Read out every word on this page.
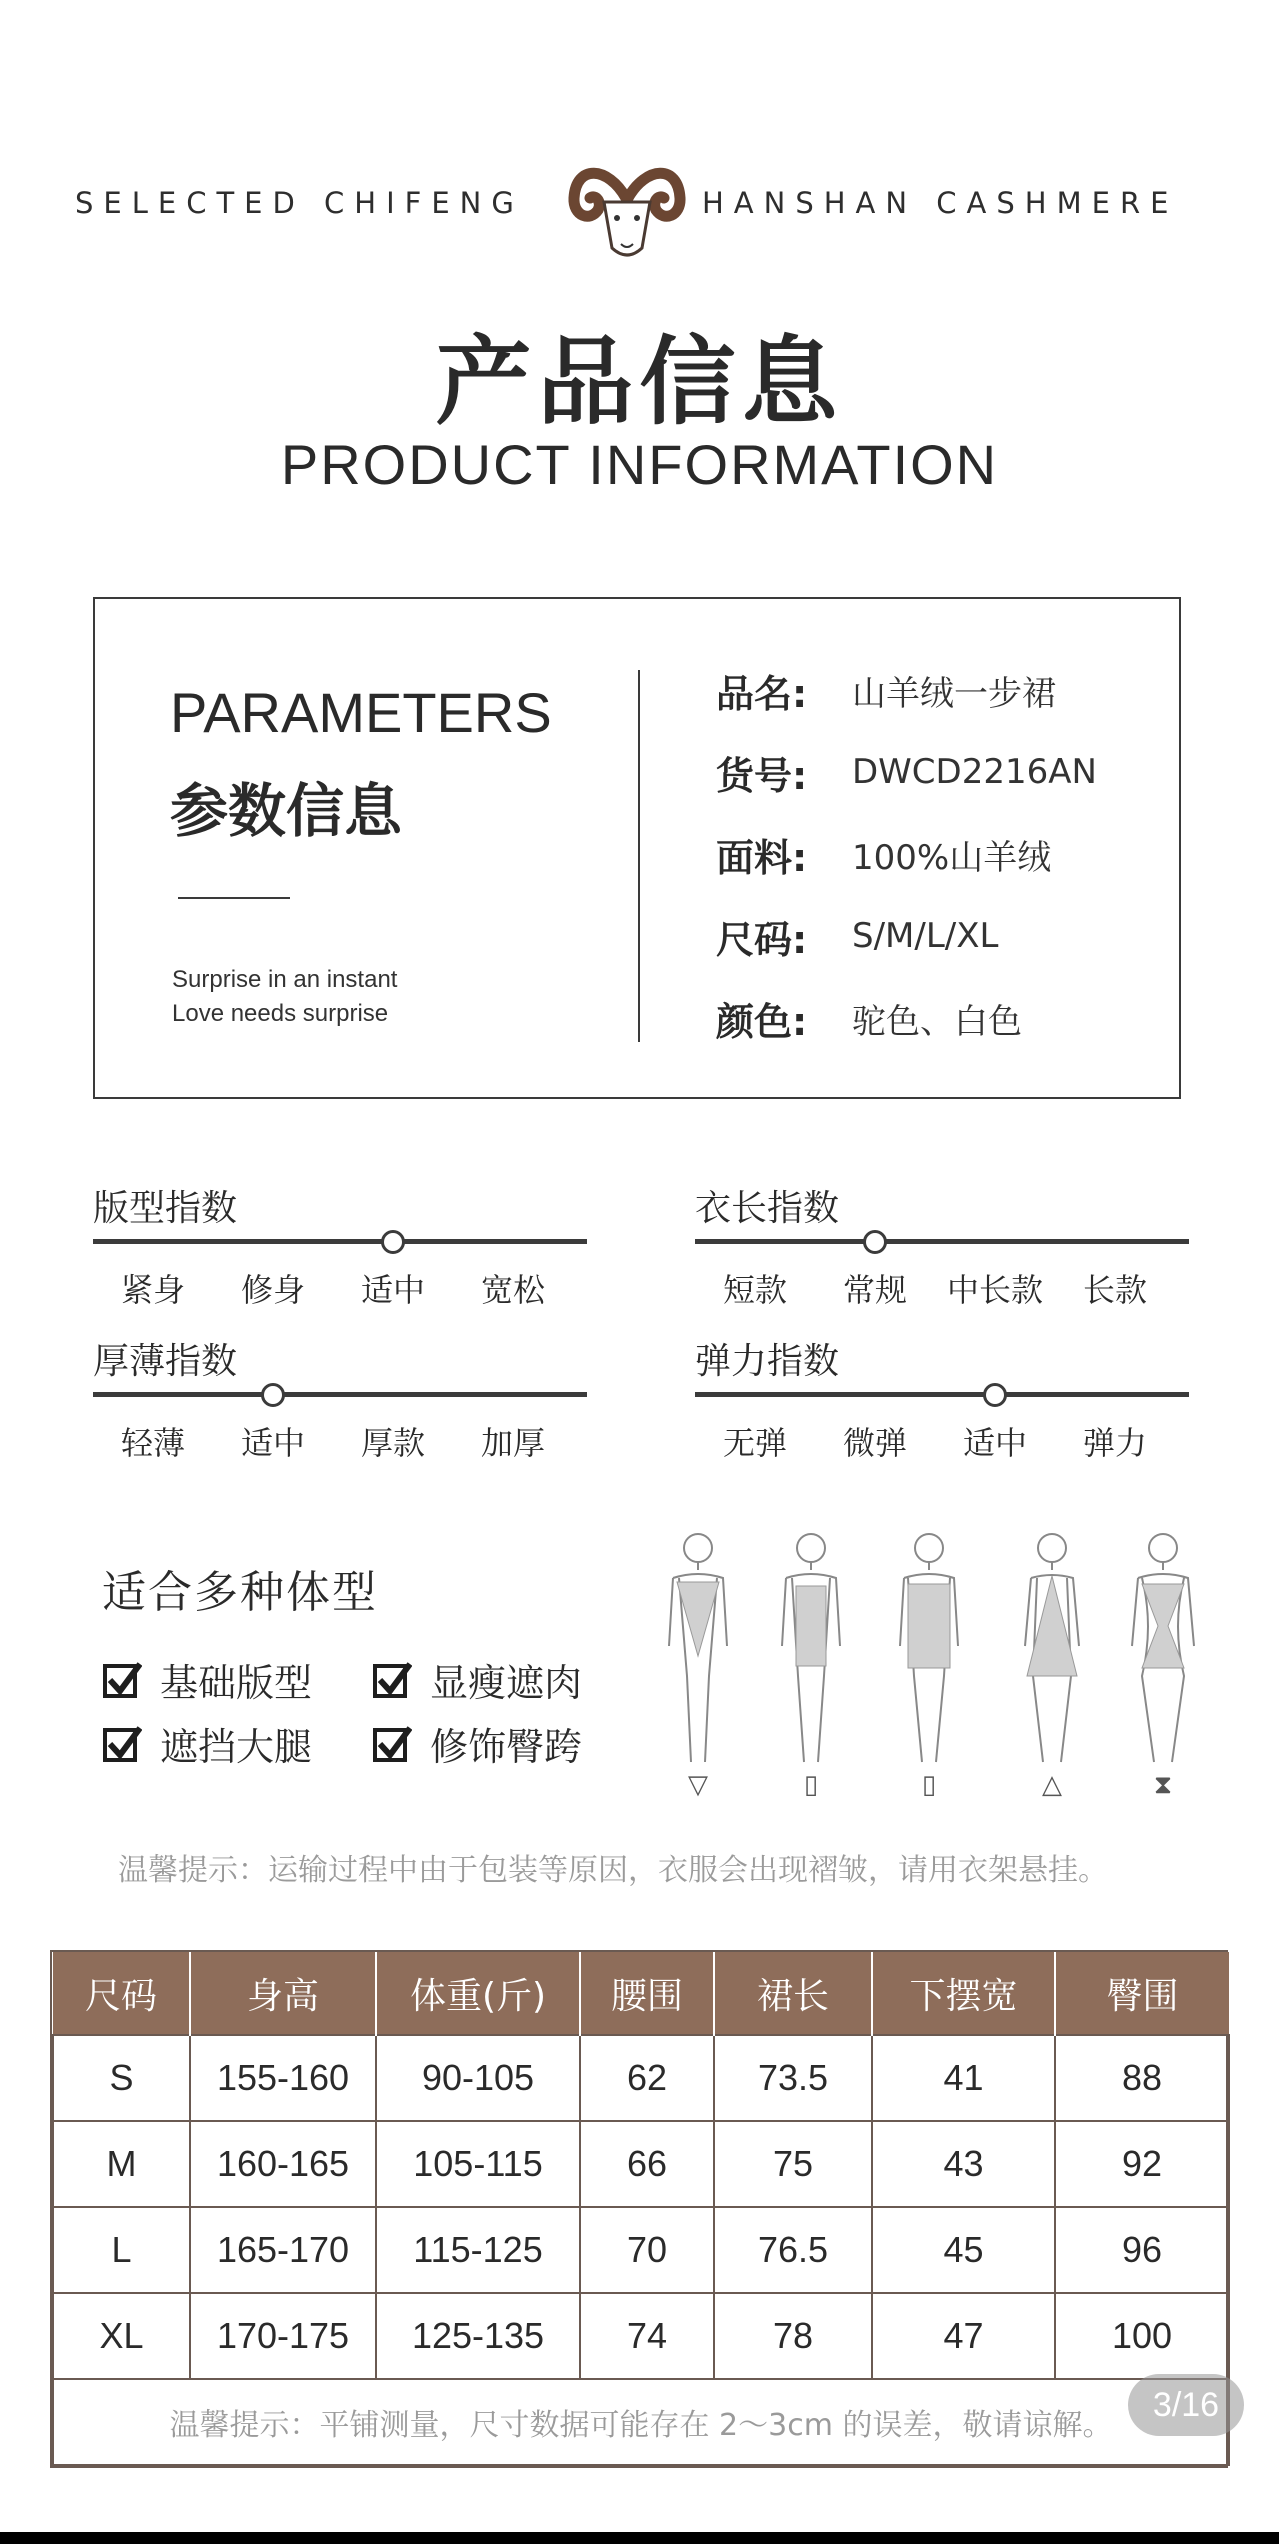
SELECTED CHIFENG	HANSHAN CASHMERE
产品信息
PRODUCT INFORMATION
PARAMETERS
参数信息
Surprise in an instant
Love needs surprise
品名:	山羊绒一步裙
货号:	DWCD2216AN
面料:	100%山羊绒
尺码:	S/M/L/XL
颜色:	驼色、白色
版型指数
紧身	修身	适中	宽松
衣长指数
短款	常规	中长款	长款
厚薄指数
轻薄	适中	厚款	加厚
弹力指数
无弹	微弹	适中	弹力
适合多种体型
基础版型	显瘦遮肉
遮挡大腿	修饰臀跨
▽	▯	▯	△	⧗
温馨提示：运输过程中由于包装等原因，衣服会出现褶皱，请用衣架悬挂。
尺码	身高	体重(斤)	腰围	裙长	下摆宽	臀围
S	155-160	90-105	62	73.5	41	88
M	160-165	105-115	66	75	43	92
L	165-170	115-125	70	76.5	45	96
XL	170-175	125-135	74	78	47	100
温馨提示：平铺测量，尺寸数据可能存在 2～3cm 的误差，敬请谅解。						
3/16
